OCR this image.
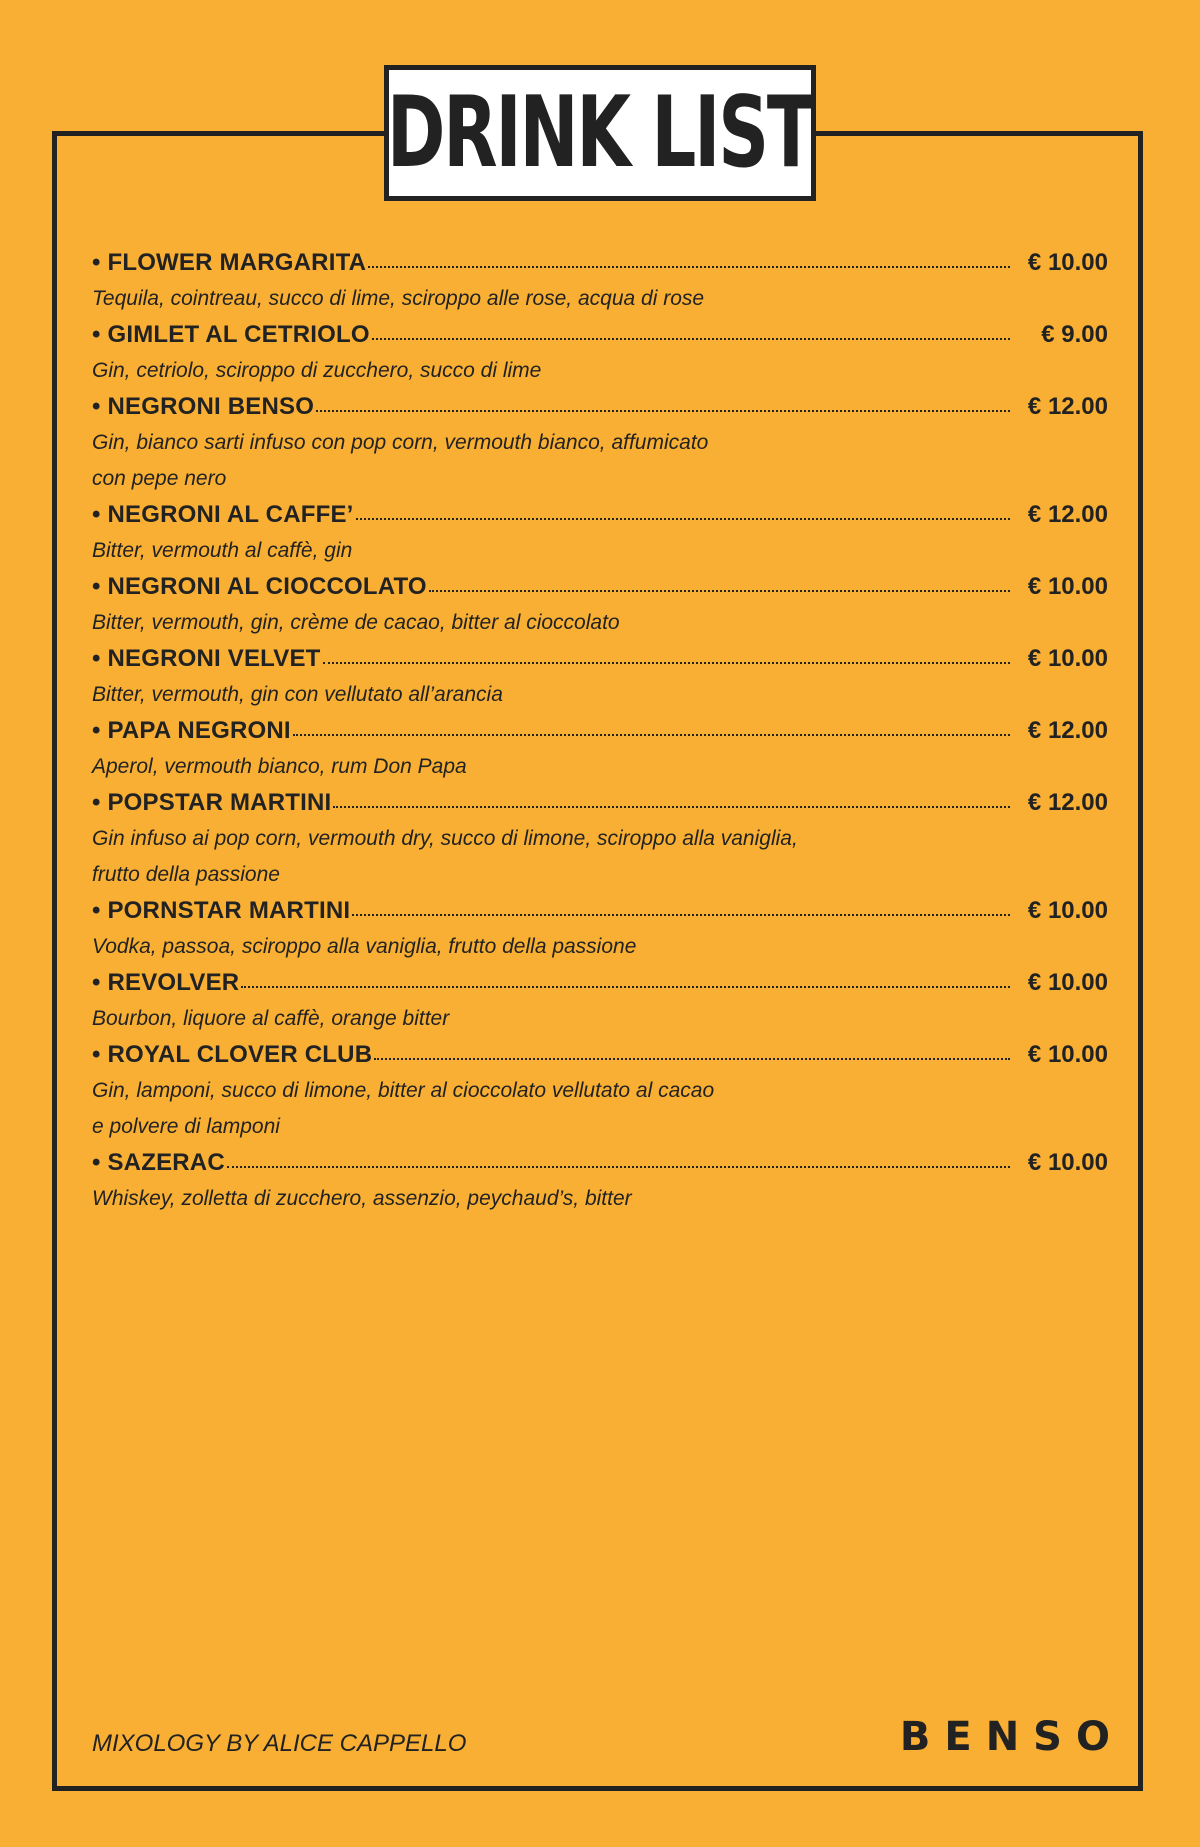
DRINK LIST
• FLOWER MARGARITA	€ 10.00
Tequila, cointreau, succo di lime, sciroppo alle rose, acqua di rose
• GIMLET AL CETRIOLO	€ 9.00
Gin, cetriolo, sciroppo di zucchero, succo di lime
• NEGRONI BENSO	€ 12.00
Gin, bianco sarti infuso con pop corn, vermouth bianco, affumicato
con pepe nero
• NEGRONI AL CAFFE’	€ 12.00
Bitter, vermouth al caffè, gin
• NEGRONI AL CIOCCOLATO	€ 10.00
Bitter, vermouth, gin, crème de cacao, bitter al cioccolato
• NEGRONI VELVET	€ 10.00
Bitter, vermouth, gin con vellutato all’arancia
• PAPA NEGRONI	€ 12.00
Aperol, vermouth bianco, rum Don Papa
• POPSTAR MARTINI	€ 12.00
Gin infuso ai pop corn, vermouth dry, succo di limone, sciroppo alla vaniglia,
frutto della passione
• PORNSTAR MARTINI	€ 10.00
Vodka, passoa, sciroppo alla vaniglia, frutto della passione
• REVOLVER	€ 10.00
Bourbon, liquore al caffè, orange bitter
• ROYAL CLOVER CLUB	€ 10.00
Gin, lamponi, succo di limone, bitter al cioccolato vellutato al cacao
e polvere di lamponi
• SAZERAC	€ 10.00
Whiskey, zolletta di zucchero, assenzio, peychaud’s, bitter
MIXOLOGY BY ALICE CAPPELLO	BENSO
